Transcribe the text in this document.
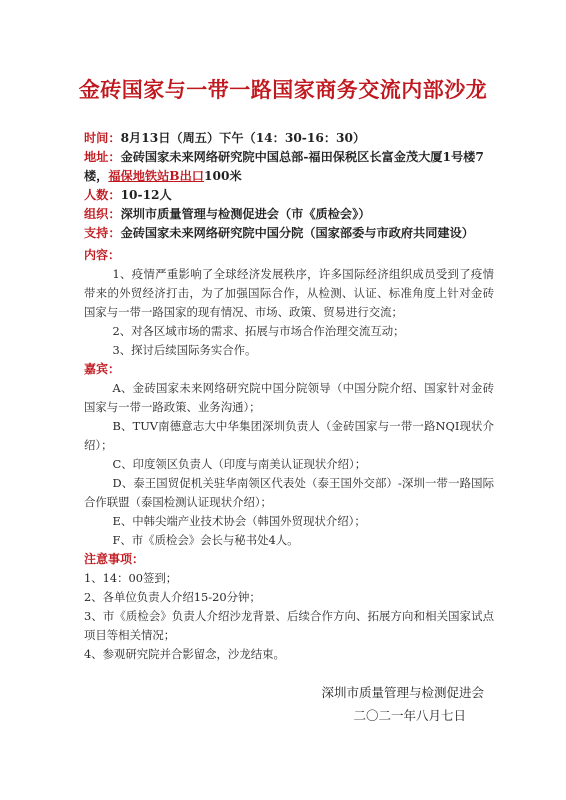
金砖国家与一带一路国家商务交流内部沙龙
时间：8月13日（周五）下午（14：30-16：30）
地址：金砖国家未来网络研究院中国总部-福田保税区长富金茂大厦1号楼7楼，福保地铁站B出口100米
人数：10-12人
组织：深圳市质量管理与检测促进会（市《质检会》）
支持：金砖国家未来网络研究院中国分院（国家部委与市政府共同建设）
内容：
1、疫情严重影响了全球经济发展秩序，许多国际经济组织成员受到了疫情带来的外贸经济打击，为了加强国际合作，从检测、认证、标准角度上针对金砖国家与一带一路国家的现有情况、市场、政策、贸易进行交流；
2、对各区域市场的需求、拓展与市场合作治理交流互动；
3、探讨后续国际务实合作。
嘉宾：
A、金砖国家未来网络研究院中国分院领导（中国分院介绍、国家针对金砖国家与一带一路政策、业务沟通）；
B、TUV南德意志大中华集团深圳负责人（金砖国家与一带一路NQI现状介绍）；
C、印度领区负责人（印度与南美认证现状介绍）；
D、泰王国贸促机关驻华南领区代表处（泰王国外交部）-深圳一带一路国际合作联盟（泰国检测认证现状介绍）；
E、中韩尖端产业技术协会（韩国外贸现状介绍）；
F、市《质检会》会长与秘书处4人。
注意事项：
1、14：00签到；
2、各单位负责人介绍15-20分钟；
3、市《质检会》负责人介绍沙龙背景、后续合作方向、拓展方向和相关国家试点项目等相关情况；
4、参观研究院并合影留念，沙龙结束。
深圳市质量管理与检测促进会
二〇二一年八月七日
